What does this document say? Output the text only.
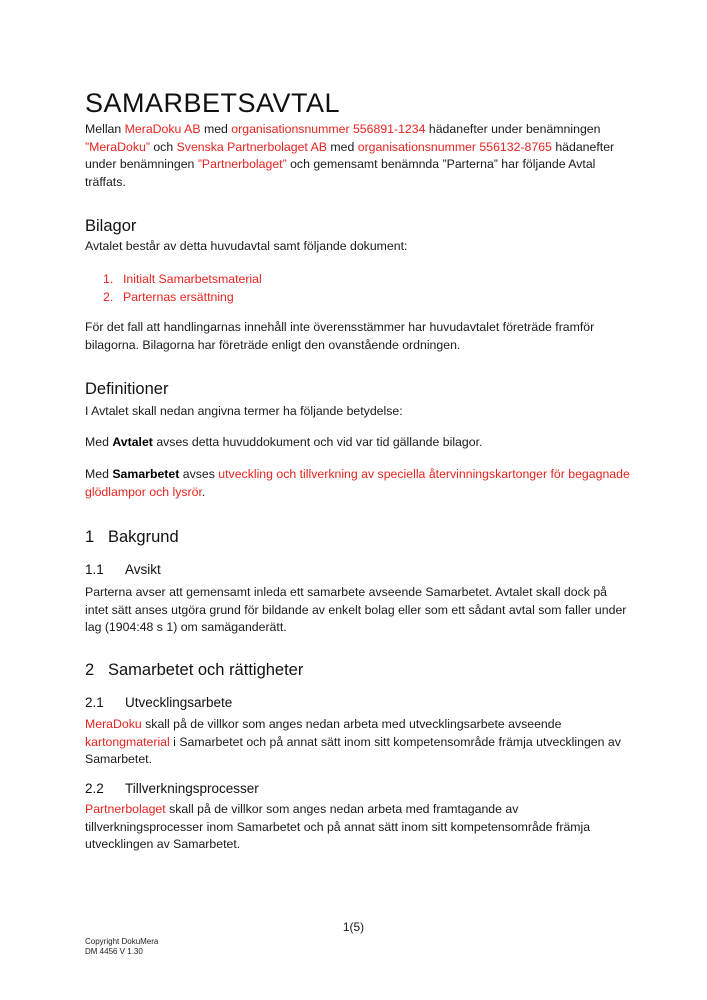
SAMARBETSAVTAL

Mellan MeraDoku AB med organisationsnummer 556891-1234 hädanefter under benämningen ”MeraDoku” och Svenska Partnerbolaget AB med organisationsnummer 556132-8765 hädanefter under benämningen ”Partnerbolaget” och gemensamt benämnda ”Parterna” har följande Avtal träffats.

Bilagor

Avtalet består av detta huvudavtal samt följande dokument:

1. Initialt Samarbetsmaterial
2. Parternas ersättning

För det fall att handlingarnas innehåll inte överensstämmer har huvudavtalet företräde framför bilagorna. Bilagorna har företräde enligt den ovanstående ordningen.

Definitioner

I Avtalet skall nedan angivna termer ha följande betydelse:

Med Avtalet avses detta huvuddokument och vid var tid gällande bilagor.

Med Samarbetet avses utveckling och tillverkning av speciella återvinningskartonger för begagnade glödlampor och lysrör.

1 Bakgrund
1.1 Avsikt

Parterna avser att gemensamt inleda ett samarbete avseende Samarbetet. Avtalet skall dock på intet sätt anses utgöra grund för bildande av enkelt bolag eller som ett sådant avtal som faller under lag (1904:48 s 1) om samäganderätt.

2 Samarbetet och rättigheter
2.1 Utvecklingsarbete

MeraDoku skall på de villkor som anges nedan arbeta med utvecklingsarbete avseende kartongmaterial i Samarbetet och på annat sätt inom sitt kompetensområde främja utvecklingen av Samarbetet.

2.2 Tillverkningsprocesser

Partnerbolaget skall på de villkor som anges nedan arbeta med framtagande av tillverkningsprocesser inom Samarbetet och på annat sätt inom sitt kompetensområde främja utvecklingen av Samarbetet.

1(5)
Copyright DokuMera
DM 4456 V 1.30
